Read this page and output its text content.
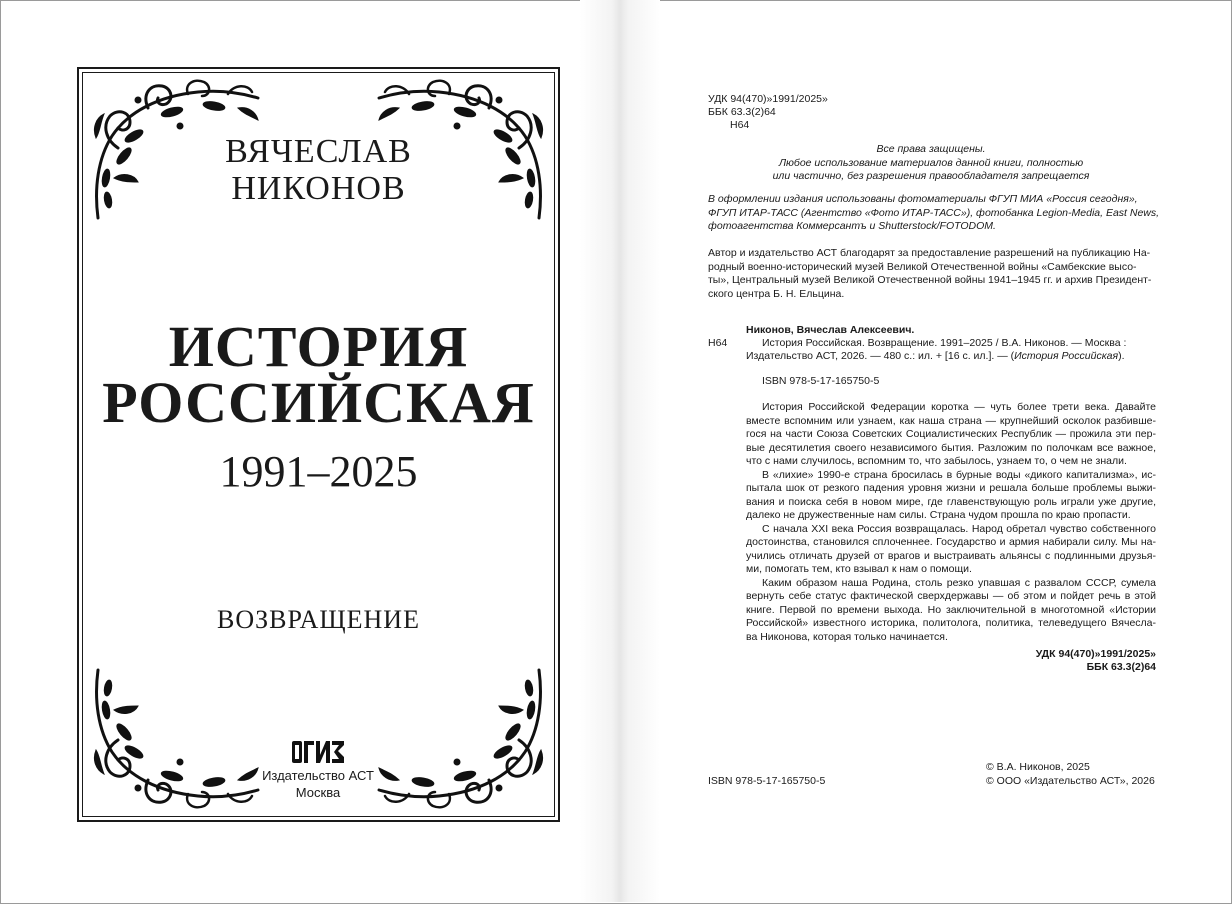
ВЯЧЕСЛАВ
НИКОНОВ
ИСТОРИЯ
РОССИЙСКАЯ
1991–2025
ВОЗВРАЩЕНИЕ
Издательство АСТ
Москва
УДК 94(470)»1991/2025»
ББК 63.3(2)64
Н64
Все права защищены.
Любое использование материалов данной книги, полностью
или частично, без разрешения правообладателя запрещается
В оформлении издания использованы фотоматериалы ФГУП МИА «Россия сегодня»,
ФГУП ИТАР-ТАСС (Агентство «Фото ИТАР-ТАСС»), фотобанка Legion-Media, East News,
фотоагентства Коммерсантъ и Shutterstock/FOTODOM.
Автор и издательство АСТ благодарят за предоставление разрешений на публикацию На-
родный военно-исторический музей Великой Отечественной войны «Самбекские высо-
ты», Центральный музей Великой Отечественной войны 1941–1945 гг. и архив Президент-
ского центра Б. Н. Ельцина.
Никонов, Вячеслав Алексеевич.
Н64	История Российская. Возвращение. 1991–2025 / В.А. Никонов. — Москва :
Издательство АСТ, 2026. — 480 с.: ил. + [16 с. ил.]. — (История Российская).
ISBN 978-5-17-165750-5

История Российской Федерации коротка — чуть более трети века. Давайте вместе вспомним или узнаем, как наша страна — крупнейший осколок разбивше- гося на части Союза Советских Социалистических Республик — прожила эти пер- вые десятилетия своего независимого бытия. Разложим по полочкам все важное, что с нами случилось, вспомним то, что забылось, узнаем то, о чем не знали.

В «лихие» 1990-е страна бросилась в бурные воды «дикого капитализма», ис- пытала шок от резкого падения уровня жизни и решала больше проблемы выжи- вания и поиска себя в новом мире, где главенствующую роль играли уже другие, далеко не дружественные нам силы. Страна чудом прошла по краю пропасти.

С начала XXI века Россия возвращалась. Народ обретал чувство собственного достоинства, становился сплоченнее. Государство и армия набирали силу. Мы на- учились отличать друзей от врагов и выстраивать альянсы с подлинными друзья- ми, помогать тем, кто взывал к нам о помощи.

Каким образом наша Родина, столь резко упавшая с развалом СССР, сумела вернуть себе статус фактической сверхдержавы — об этом и пойдет речь в этой книге. Первой по времени выхода. Но заключительной в многотомной «Истории Российской» известного историка, политолога, политика, телеведущего Вячесла- ва Никонова, которая только начинается.

УДК 94(470)»1991/2025»
ББК 63.3(2)64
ISBN 978-5-17-165750-5
© В.А. Никонов, 2025
© ООО «Издательство АСТ», 2026
